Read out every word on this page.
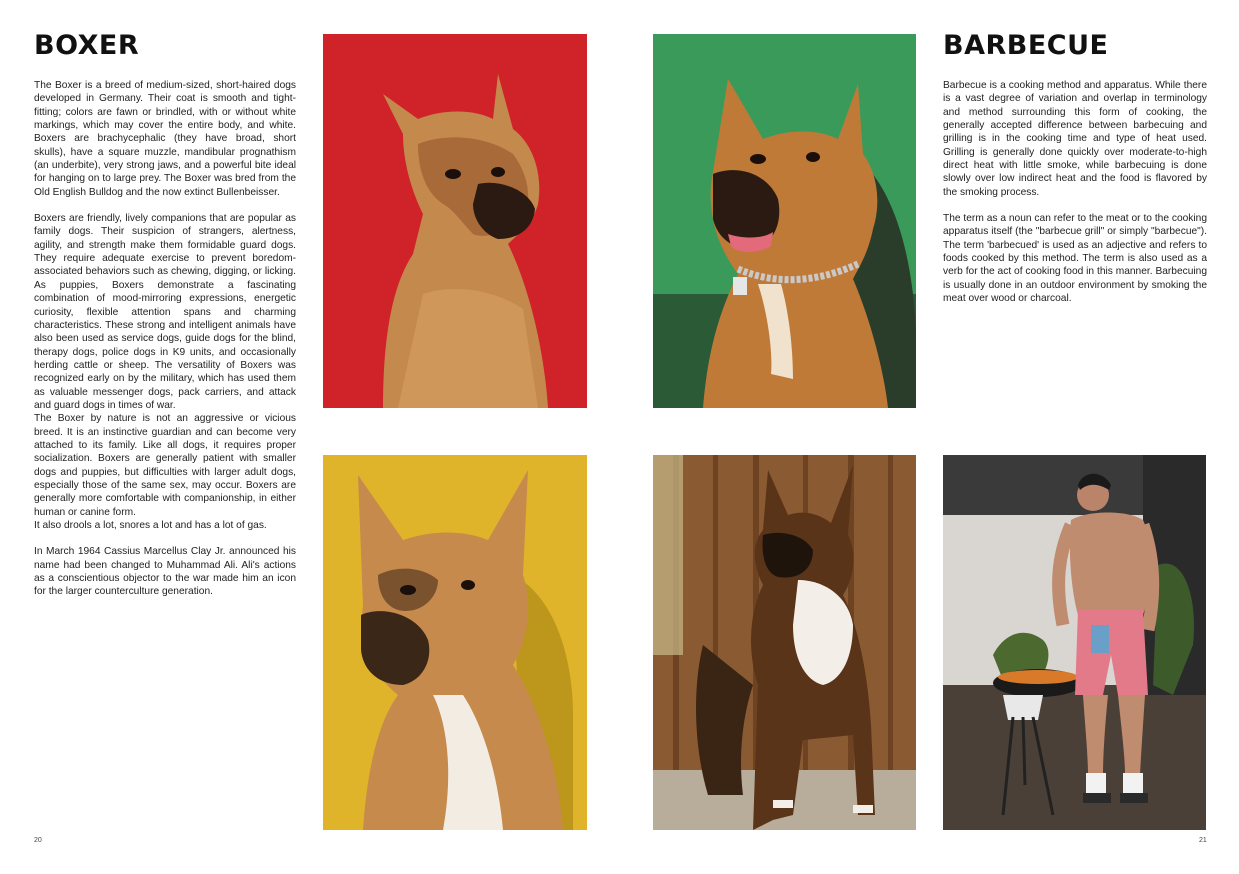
BOXER

The Boxer is a breed of medium-sized, short-haired dogs developed in Germany. Their coat is smooth and tight-fitting; colors are fawn or brindled, with or without white markings, which may cover the entire body, and white. Boxers are brachycephalic (they have broad, short skulls), have a square muzzle, mandibular prognathism (an underbite), very strong jaws, and a powerful bite ideal for hanging on to large prey. The Boxer was bred from the Old English Bulldog and the now extinct Bullenbeisser.

Boxers are friendly, lively companions that are popular as family dogs. Their suspicion of strangers, alertness, agility, and strength make them formidable guard dogs. They require adequate exercise to prevent boredom-associated behaviors such as chewing, digging, or licking. As puppies, Boxers demonstrate a fascinating combination of mood-mirroring expressions, energetic curiosity, flexible attention spans and charming characteristics. These strong and intelligent animals have also been used as service dogs, guide dogs for the blind, therapy dogs, police dogs in K9 units, and occasionally herding cattle or sheep. The versatility of Boxers was recognized early on by the military, which has used them as valuable messenger dogs, pack carriers, and attack and guard dogs in times of war.

The Boxer by nature is not an aggressive or vicious breed. It is an instinctive guardian and can become very attached to its family. Like all dogs, it requires proper socialization. Boxers are generally patient with smaller dogs and puppies, but difficulties with larger adult dogs, especially those of the same sex, may occur. Boxers are generally more comfortable with companionship, in either human or canine form.

It also drools a lot, snores a lot and has a lot of gas.

In March 1964 Cassius Marcellus Clay Jr. announced his name had been changed to Muhammad Ali. Ali's actions as a conscientious objector to the war made him an icon for the larger counterculture generation.

20
BARBECUE

Barbecue is a cooking method and apparatus. While there is a vast degree of variation and overlap in terminology and method surrounding this form of cooking, the generally accepted difference between barbecuing and grilling is in the cooking time and type of heat used. Grilling is generally done quickly over moderate-to-high direct heat with little smoke, while barbecuing is done slowly over low indirect heat and the food is flavored by the smoking process.

The term as a noun can refer to the meat or to the cooking apparatus itself (the "barbecue grill" or simply "barbecue"). The term 'barbecued' is used as an adjective and refers to foods cooked by this method. The term is also used as a verb for the act of cooking food in this manner. Barbecuing is usually done in an outdoor environment by smoking the meat over wood or charcoal.

21
